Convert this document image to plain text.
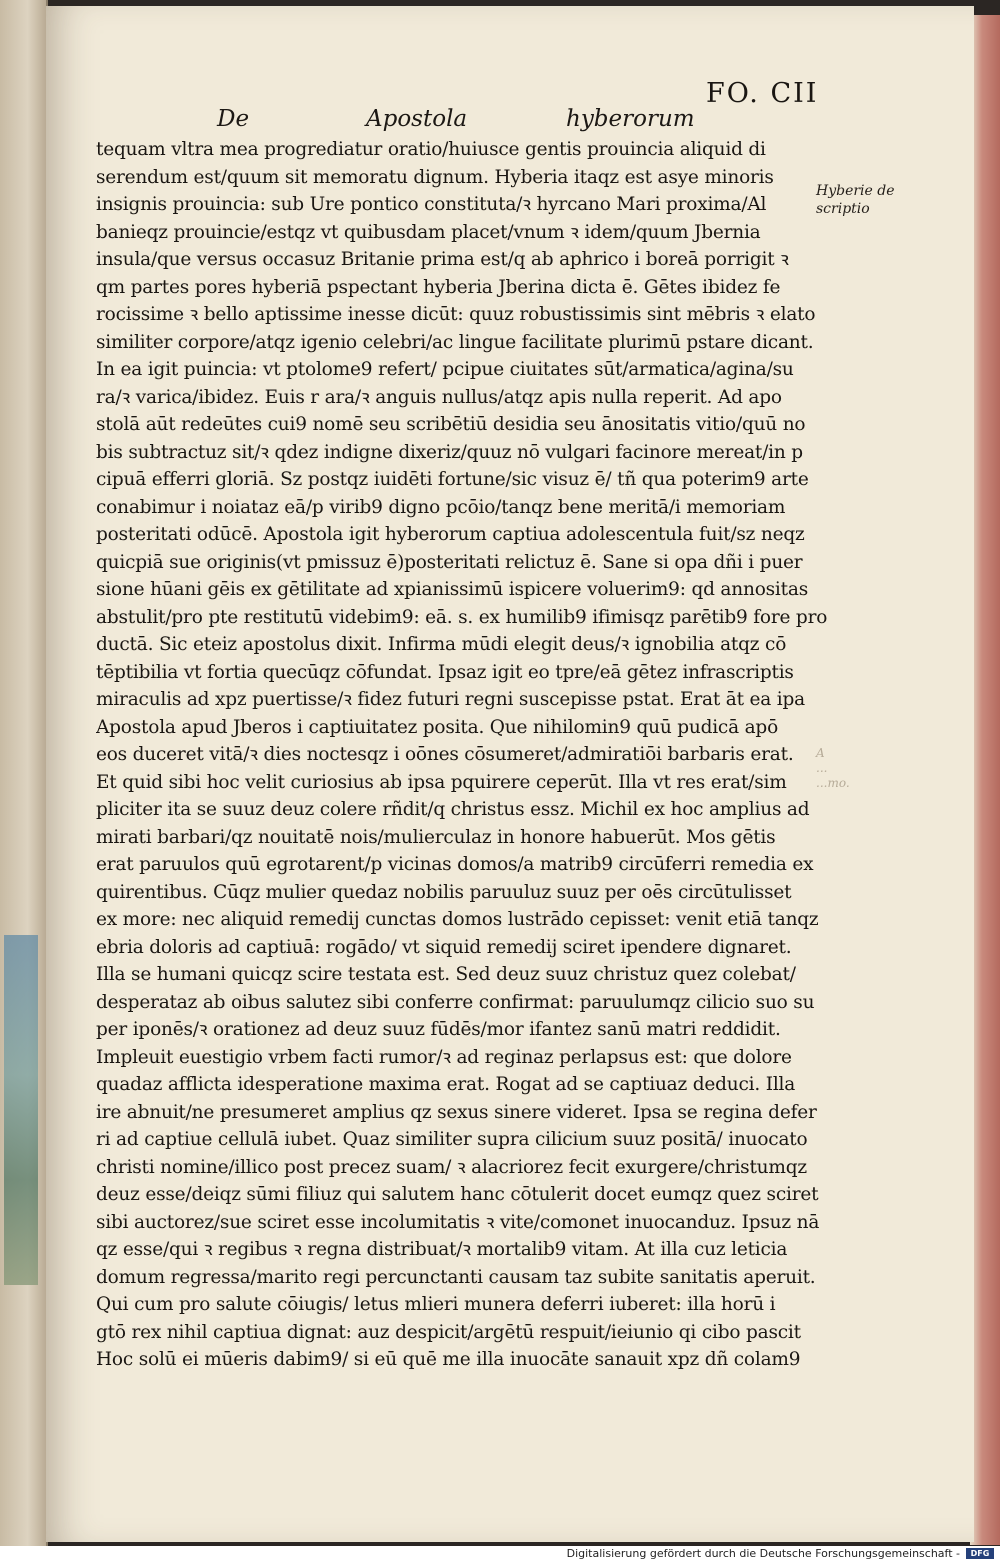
FO. CII
De	Apostola	hyberorum
tequam vltra mea progrediatur oratio/huiusce gentis prouincia aliquid di
serendum est/quum sit memoratu dignum. Hyberia itaqz est asye minoris
insignis prouincia: sub Ure pontico constituta/ꝛ hyrcano Mari proxima/Al
banieqz prouincie/estqz vt quibusdam placet/vnum ꝛ idem/quum Jbernia
insula/que versus occasuz Britanie prima est/q ab aphrico i boreā porrigit ꝛ
qm partes pores hyberiā pspectant hyberia Jberina dicta ē. Gētes ibidez fe
rocissime ꝛ bello aptissime inesse dicūt: quuz robustissimis sint mēbris ꝛ elato
similiter corpore/atqz igenio celebri/ac lingue facilitate plurimū pstare dicant.
In ea igit puincia: vt ptolome9 refert/ pcipue ciuitates sūt/armatica/agina/su
ra/ꝛ varica/ibidez. Euis r ara/ꝛ anguis nullus/atqz apis nulla reperit. Ad apo
stolā aūt redeūtes cui9 nomē seu scribētiū desidia seu ānositatis vitio/quū no
bis subtractuz sit/ꝛ qdez indigne dixeriz/quuz nō vulgari facinore mereat/in p
cipuā efferri gloriā. Sz postqz iuidēti fortune/sic visuz ē/ tñ qua poterim9 arte
conabimur i noiataz eā/p virib9 digno pcōio/tanqz bene meritā/i memoriam
posteritati odūcē. Apostola igit hyberorum captiua adolescentula fuit/sz neqz
quicpiā sue originis(vt pmissuz ē)posteritati relictuz ē. Sane si opa dñi i puer
sione hūani gēis ex gētilitate ad xpianissimū ispicere voluerim9: qd annositas
abstulit/pro pte restitutū videbim9: eā. s. ex humilib9 ifimisqz parētib9 fore pro
ductā. Sic eteiz apostolus dixit. Infirma mūdi elegit deus/ꝛ ignobilia atqz cō
tēptibilia vt fortia quecūqz cōfundat. Ipsaz igit eo tpre/eā gētez infrascriptis
miraculis ad xpz puertisse/ꝛ fidez futuri regni suscepisse pstat. Erat āt ea ipa
Apostola apud Jberos i captiuitatez posita. Que nihilomin9 quū pudicā apō
eos duceret vitā/ꝛ dies noctesqz i oōnes cōsumeret/admiratiōi barbaris erat.
Et quid sibi hoc velit curiosius ab ipsa pquirere ceperūt. Illa vt res erat/sim
pliciter ita se suuz deuz colere rñdit/q christus essz. Michil ex hoc amplius ad
mirati barbari/qz nouitatē nois/mulierculaz in honore habuerūt. Mos gētis
erat paruulos quū egrotarent/p vicinas domos/a matrib9 circūferri remedia ex
quirentibus. Cūqz mulier quedaz nobilis paruuluz suuz per oēs circūtulisset
ex more: nec aliquid remedij cunctas domos lustrādo cepisset: venit etiā tanqz
ebria doloris ad captiuā: rogādo/ vt siquid remedij sciret ipendere dignaret.
Illa se humani quicqz scire testata est. Sed deuz suuz christuz quez colebat/
desperataz ab oibus salutez sibi conferre confirmat: paruulumqz cilicio suo su
per iponēs/ꝛ orationez ad deuz suuz fūdēs/mor ifantez sanū matri reddidit.
Impleuit euestigio vrbem facti rumor/ꝛ ad reginaz perlapsus est: que dolore
quadaz afflicta idesperatione maxima erat. Rogat ad se captiuaz deduci. Illa
ire abnuit/ne presumeret amplius qz sexus sinere videret. Ipsa se regina defer
ri ad captiue cellulā iubet. Quaz similiter supra cilicium suuz positā/ inuocato
christi nomine/illico post precez suam/ ꝛ alacriorez fecit exurgere/christumqz
deuz esse/deiqz sūmi filiuz qui salutem hanc cōtulerit docet eumqz quez sciret
sibi auctorez/sue sciret esse incolumitatis ꝛ vite/comonet inuocanduz. Ipsuz nā
qz esse/qui ꝛ regibus ꝛ regna distribuat/ꝛ mortalib9 vitam. At illa cuz leticia
domum regressa/marito regi percunctanti causam taz subite sanitatis aperuit.
Qui cum pro salute cōiugis/ letus mlieri munera deferri iuberet: illa horū i
gtō rex nihil captiua dignat: auz despicit/argētū respuit/ieiunio qi cibo pascit
Hoc solū ei mūeris dabim9/ si eū quē me illa inuocāte sanauit xpz dñ colam9
Hyberie de
scriptio
A
...
...mo.
Digitalisierung gefördert durch die Deutsche Forschungsgemeinschaft -	DFG
